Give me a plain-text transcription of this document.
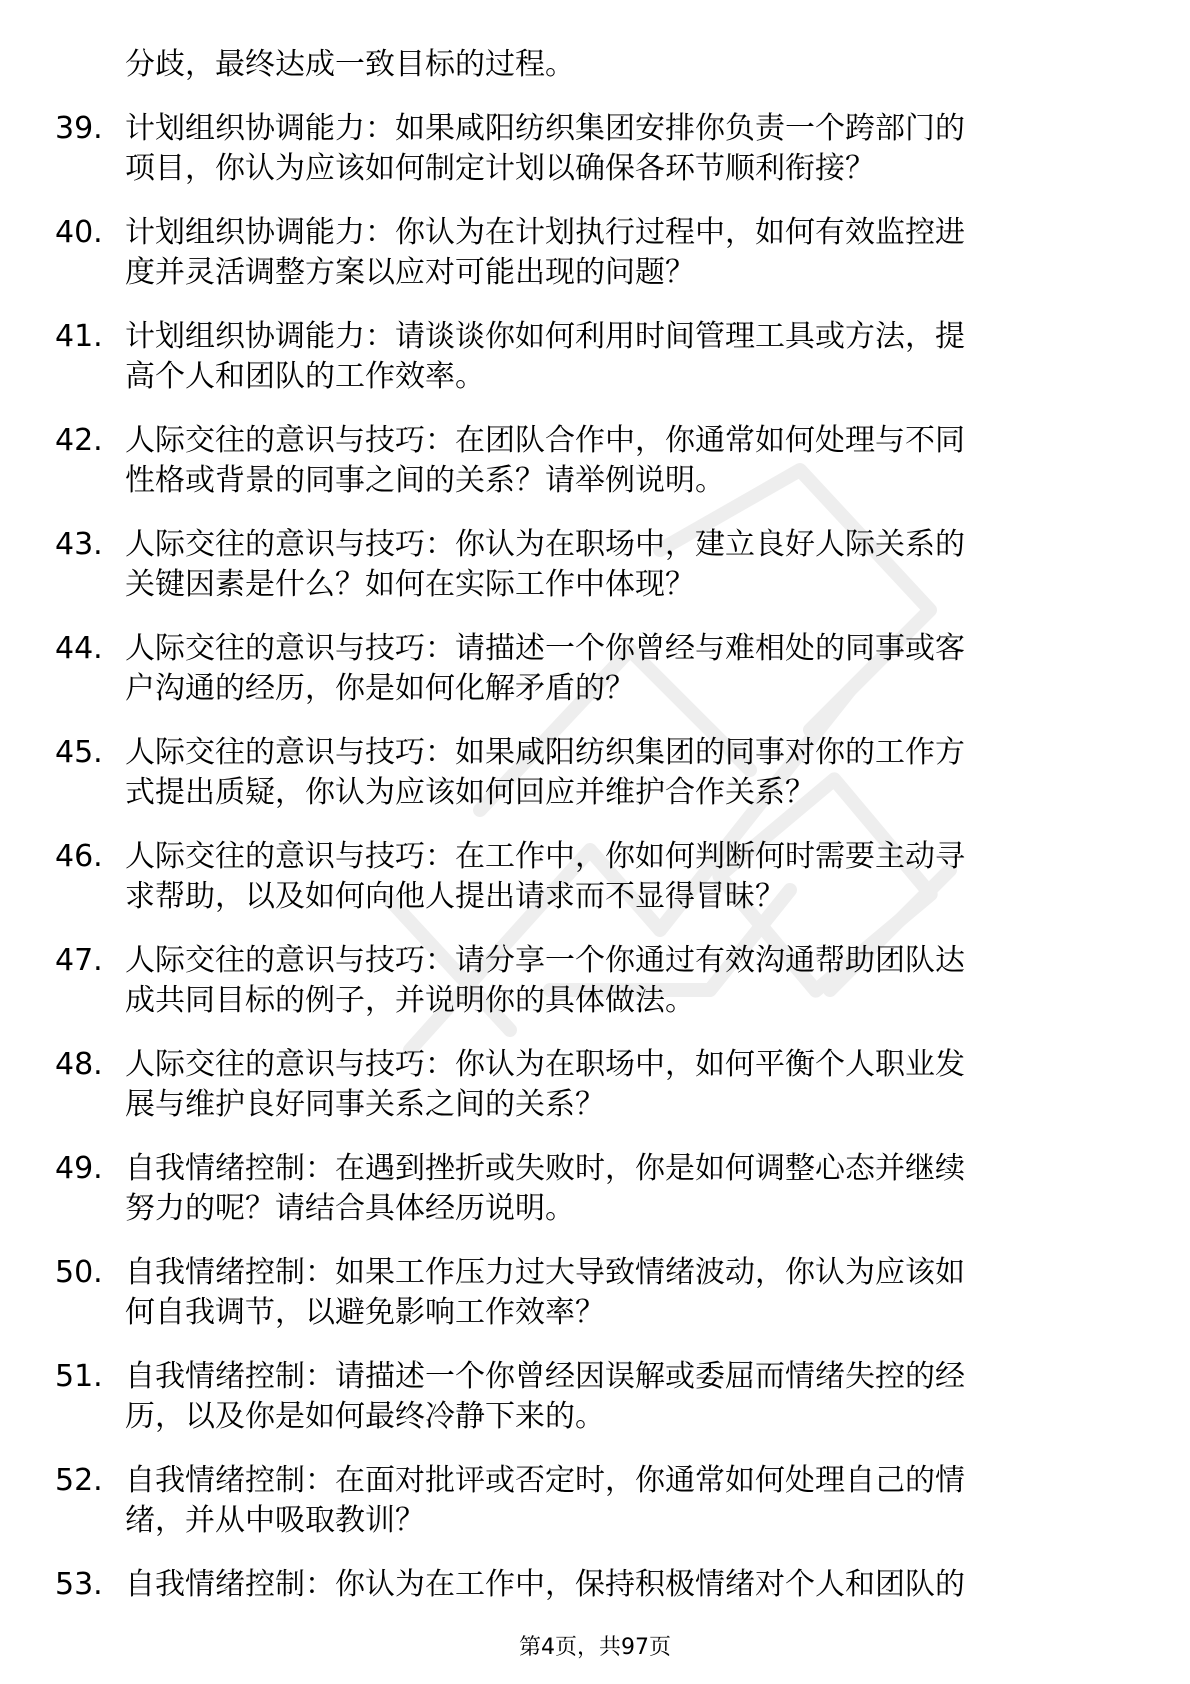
分歧，最终达成一致目标的过程。
39. 计划组织协调能力：如果咸阳纺织集团安排你负责一个跨部门的
项目，你认为应该如何制定计划以确保各环节顺利衔接？
40. 计划组织协调能力：你认为在计划执行过程中，如何有效监控进
度并灵活调整方案以应对可能出现的问题？
41. 计划组织协调能力：请谈谈你如何利用时间管理工具或方法，提
高个人和团队的工作效率。
42. 人际交往的意识与技巧：在团队合作中，你通常如何处理与不同
性格或背景的同事之间的关系？请举例说明。
43. 人际交往的意识与技巧：你认为在职场中，建立良好人际关系的
关键因素是什么？如何在实际工作中体现？
44. 人际交往的意识与技巧：请描述一个你曾经与难相处的同事或客
户沟通的经历，你是如何化解矛盾的？
45. 人际交往的意识与技巧：如果咸阳纺织集团的同事对你的工作方
式提出质疑，你认为应该如何回应并维护合作关系？
46. 人际交往的意识与技巧：在工作中，你如何判断何时需要主动寻
求帮助，以及如何向他人提出请求而不显得冒昧？
47. 人际交往的意识与技巧：请分享一个你通过有效沟通帮助团队达
成共同目标的例子，并说明你的具体做法。
48. 人际交往的意识与技巧：你认为在职场中，如何平衡个人职业发
展与维护良好同事关系之间的关系？
49. 自我情绪控制：在遇到挫折或失败时，你是如何调整心态并继续
努力的呢？请结合具体经历说明。
50. 自我情绪控制：如果工作压力过大导致情绪波动，你认为应该如
何自我调节，以避免影响工作效率？
51. 自我情绪控制：请描述一个你曾经因误解或委屈而情绪失控的经
历，以及你是如何最终冷静下来的。
52. 自我情绪控制：在面对批评或否定时，你通常如何处理自己的情
绪，并从中吸取教训？
53. 自我情绪控制：你认为在工作中，保持积极情绪对个人和团队的
第4页，共97页
